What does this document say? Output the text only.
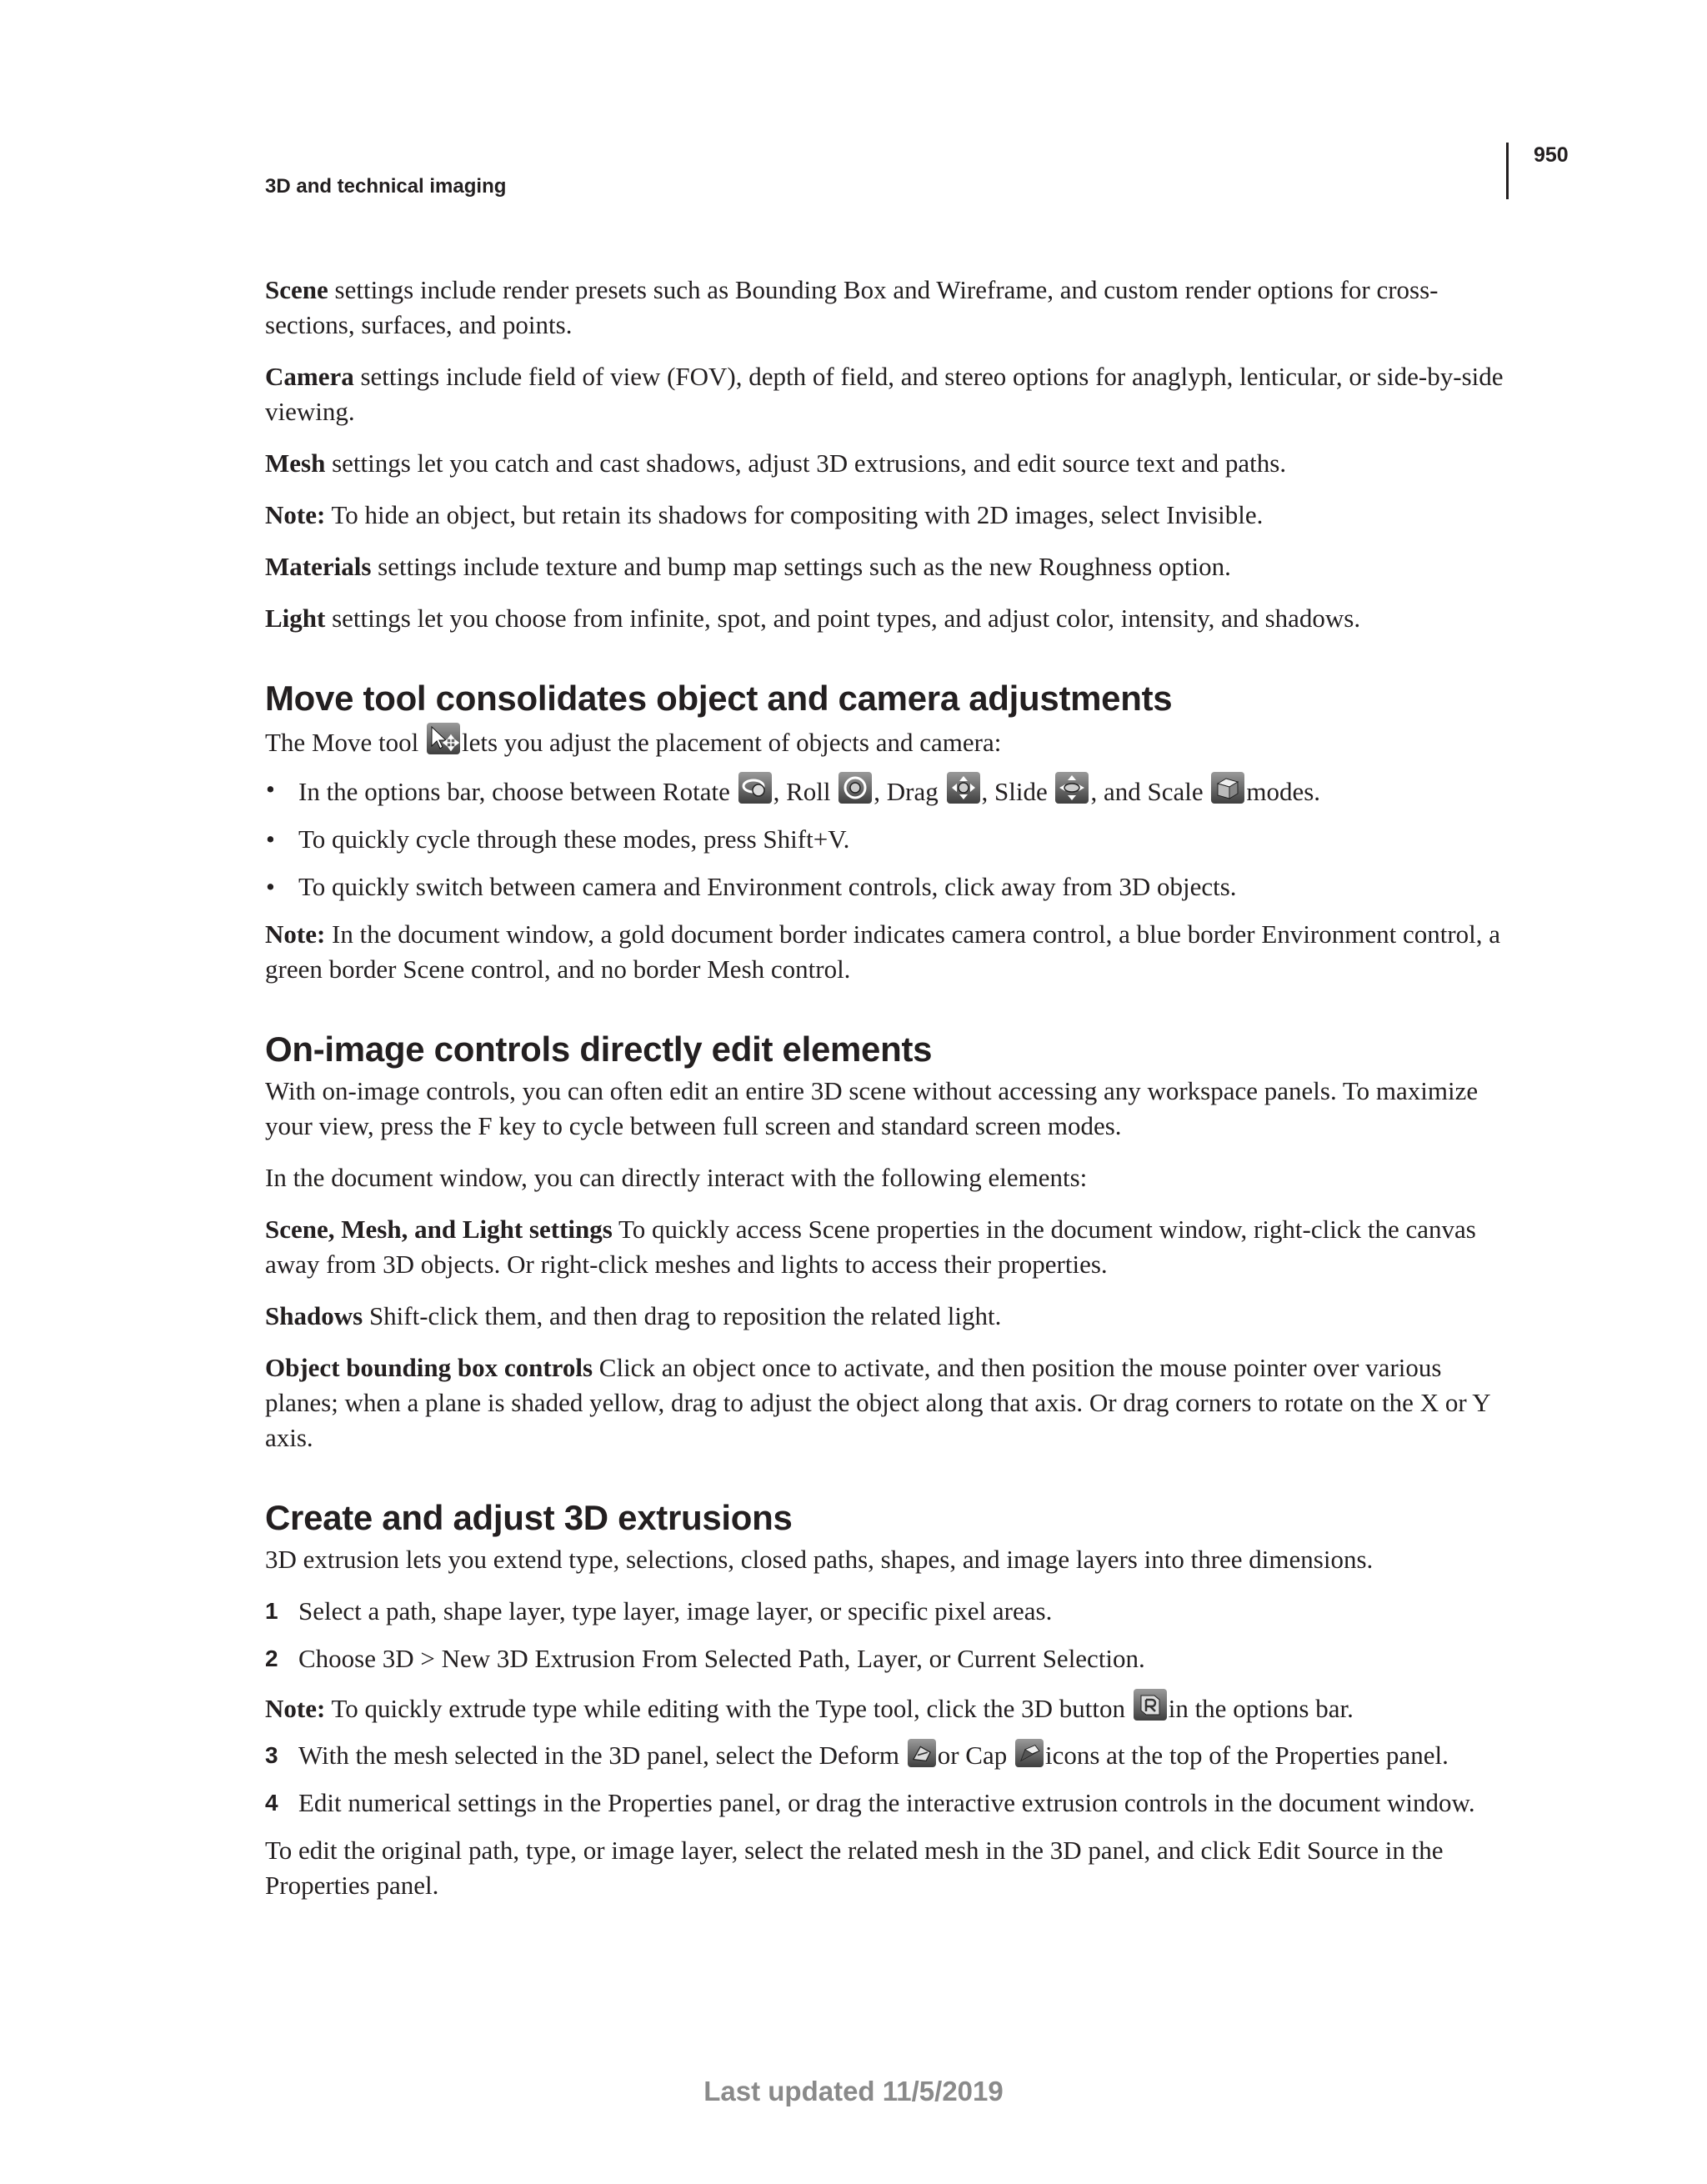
950
3D and technical imaging

Scene settings include render presets such as Bounding Box and Wireframe, and custom render options for cross-sections, surfaces, and points.

Camera settings include field of view (FOV), depth of field, and stereo options for anaglyph, lenticular, or side-by-side viewing.

Mesh settings let you catch and cast shadows, adjust 3D extrusions, and edit source text and paths.

Note: To hide an object, but retain its shadows for compositing with 2D images, select Invisible.

Materials settings include texture and bump map settings such as the new Roughness option.

Light settings let you choose from infinite, spot, and point types, and adjust color, intensity, and shadows.

Move tool consolidates object and camera adjustments

The Move tool
lets you adjust the placement of objects and camera:

• In the options bar, choose between Rotate
, Roll
, Drag
, Slide
, and Scale
modes.
• To quickly cycle through these modes, press Shift+V.
• To quickly switch between camera and Environment controls, click away from 3D objects.

Note: In the document window, a gold document border indicates camera control, a blue border Environment control, a green border Scene control, and no border Mesh control.

On-image controls directly edit elements

With on-image controls, you can often edit an entire 3D scene without accessing any workspace panels. To maximize your view, press the F key to cycle between full screen and standard screen modes.

In the document window, you can directly interact with the following elements:

Scene, Mesh, and Light settings To quickly access Scene properties in the document window, right-click the canvas away from 3D objects. Or right-click meshes and lights to access their properties.

Shadows Shift-click them, and then drag to reposition the related light.

Object bounding box controls Click an object once to activate, and then position the mouse pointer over various planes; when a plane is shaded yellow, drag to adjust the object along that axis. Or drag corners to rotate on the X or Y axis.

Create and adjust 3D extrusions

3D extrusion lets you extend type, selections, closed paths, shapes, and image layers into three dimensions.

1 Select a path, shape layer, type layer, image layer, or specific pixel areas.
2 Choose 3D > New 3D Extrusion From Selected Path, Layer, or Current Selection.

Note: To quickly extrude type while editing with the Type tool, click the 3D button
in the options bar.

3 With the mesh selected in the 3D panel, select the Deform
or Cap
icons at the top of the Properties panel.
4 Edit numerical settings in the Properties panel, or drag the interactive extrusion controls in the document window.

To edit the original path, type, or image layer, select the related mesh in the 3D panel, and click Edit Source in the Properties panel.

Last updated 11/5/2019
